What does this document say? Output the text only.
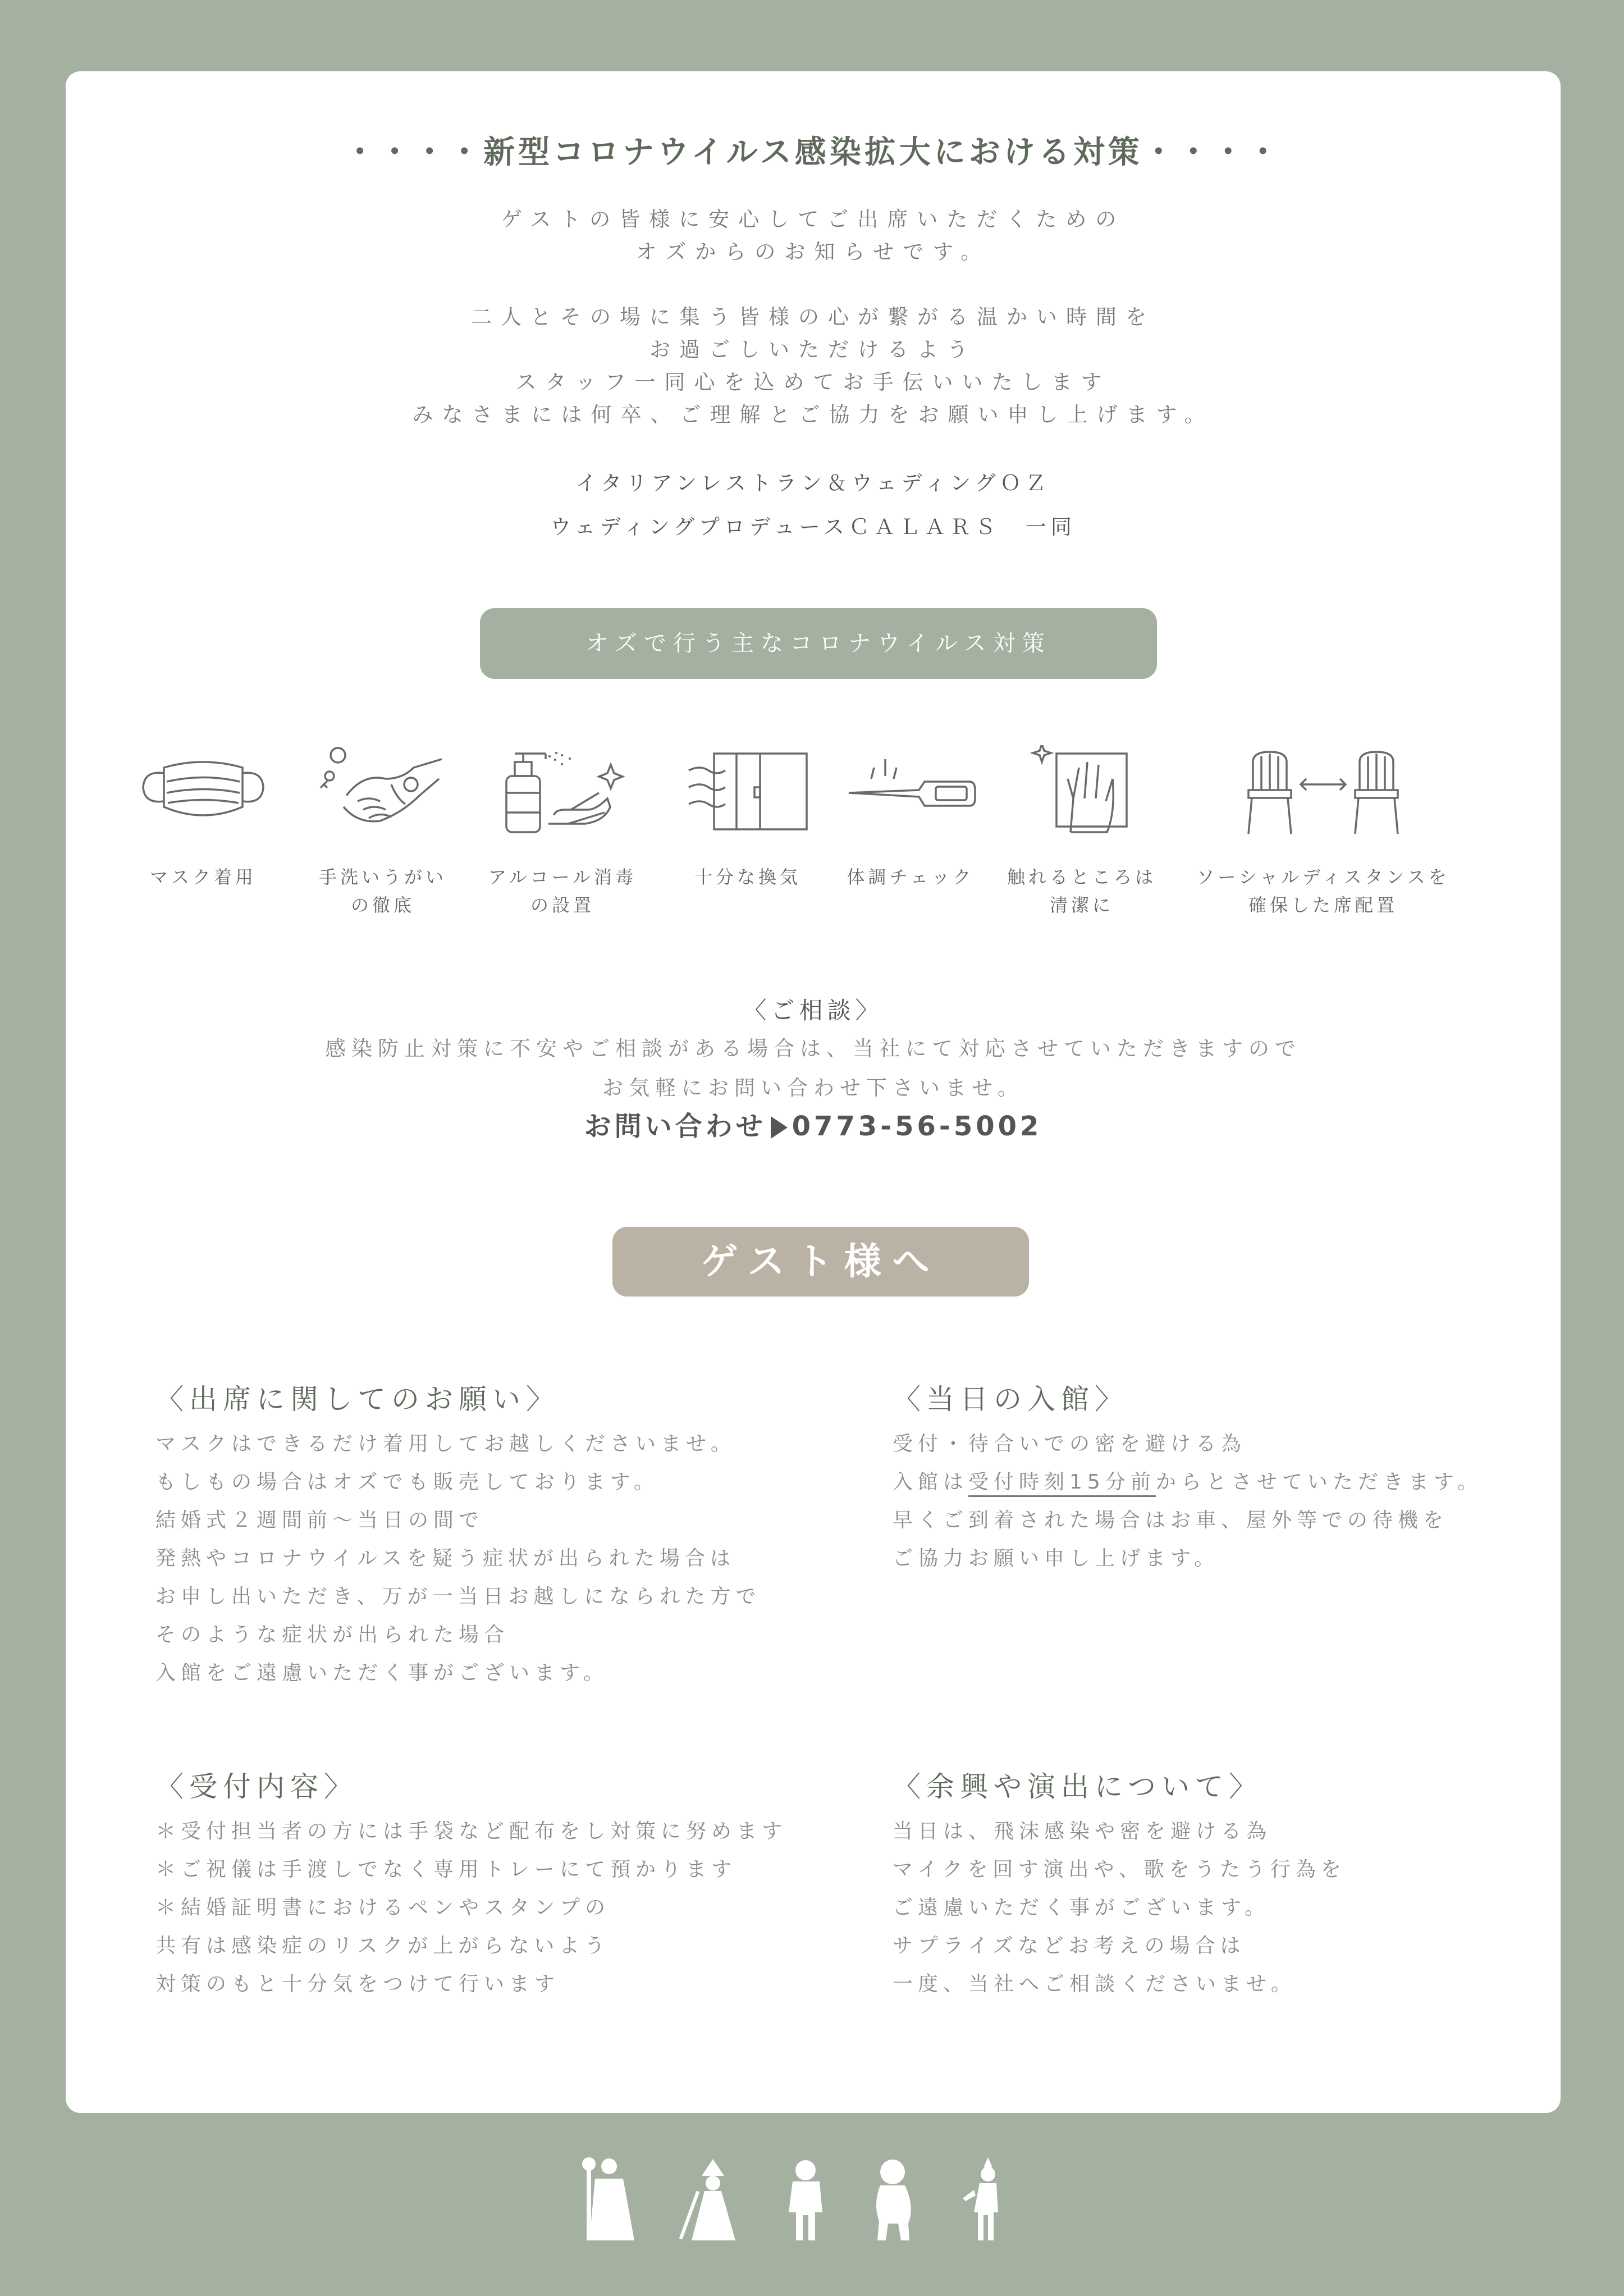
・・・・新型コロナウイルス感染拡大における対策・・・・

ゲストの皆様に安心してご出席いただくための
オズからのお知らせです。

二人とその場に集う皆様の心が繋がる温かい時間を
お過ごしいただけるよう
スタッフ一同心を込めてお手伝いいたします
みなさまには何卒、ご理解とご協力をお願い申し上げます。

イタリアンレストラン＆ウェディングＯＺ
ウェディングプロデュースＣＡＬＡＲＳ　一同
オズで行う主なコロナウイルス対策
マスク着用	手洗いうがい
の徹底
アルコール消毒
の設置
十分な換気	体調チェック	触れるところは
清潔に
ソーシャルディスタンスを
確保した席配置
〈ご相談〉
感染防止対策に不安やご相談がある場合は、当社にて対応させていただきますので
お気軽にお問い合わせ下さいませ。
お問い合わせ 0773-56-5002
ゲスト様へ
〈出席に関してのお願い〉
マスクはできるだけ着用してお越しくださいませ。
もしもの場合はオズでも販売しております。
結婚式２週間前～当日の間で
発熱やコロナウイルスを疑う症状が出られた場合は
お申し出いただき、万が一当日お越しになられた方で
そのような症状が出られた場合
入館をご遠慮いただく事がございます。
〈当日の入館〉
受付・待合いでの密を避ける為
入館は受付時刻15分前からとさせていただきます。
早くご到着された場合はお車、屋外等での待機を
ご協力お願い申し上げます。
〈受付内容〉
＊受付担当者の方には手袋など配布をし対策に努めます
＊ご祝儀は手渡しでなく専用トレーにて預かります
＊結婚証明書におけるペンやスタンプの
共有は感染症のリスクが上がらないよう
対策のもと十分気をつけて行います
〈余興や演出について〉
当日は、飛沫感染や密を避ける為
マイクを回す演出や、歌をうたう行為を
ご遠慮いただく事がございます。
サプライズなどお考えの場合は
一度、当社へご相談くださいませ。
